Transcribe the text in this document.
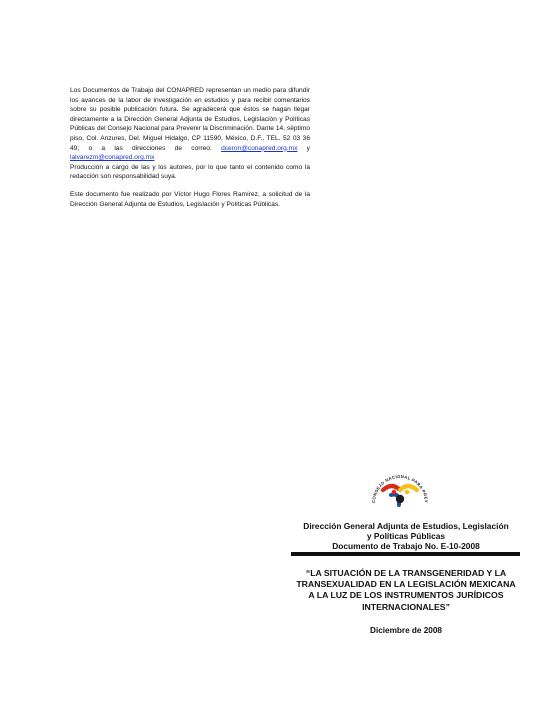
Los Documentos de Trabajo del CONAPRED representan un medio para difundir los avances de la labor de investigación en estudios y para recibir comentarios sobre su posible publicación futura. Se agradecerá que éstos se hagan llegar directamente a la Dirección General Adjunta de Estudios, Legislación y Políticas Públicas del Consejo Nacional para Prevenir la Discriminación. Dante 14, séptimo piso, Col. Anzures, Del. Miguel Hidalgo, CP 11590, México, D.F., TEL. 52 03 36 49; o a las direcciones de correo: dceron@conapred.org.mx y lalvarezm@conapred.org.mx

Producción a cargo de las y los autores, por lo que tanto el contenido como la redacción son responsabilidad suya.

Este documento fue realizado por Víctor Hugo Flores Ramírez, a solicitud de la Dirección General Adjunta de Estudios, Legislación y Políticas Públicas.

CONSEJO NACIONAL PARA PREV
Dirección General Adjunta de Estudios, Legislación
y Políticas Públicas
Documento de Trabajo No. E-10-2008
“LA SITUACIÓN DE LA TRANSGENERIDAD Y LA
TRANSEXUALIDAD EN LA LEGISLACIÓN MEXICANA
A LA LUZ DE LOS INSTRUMENTOS JURÍDICOS
INTERNACIONALES”
Diciembre de 2008
